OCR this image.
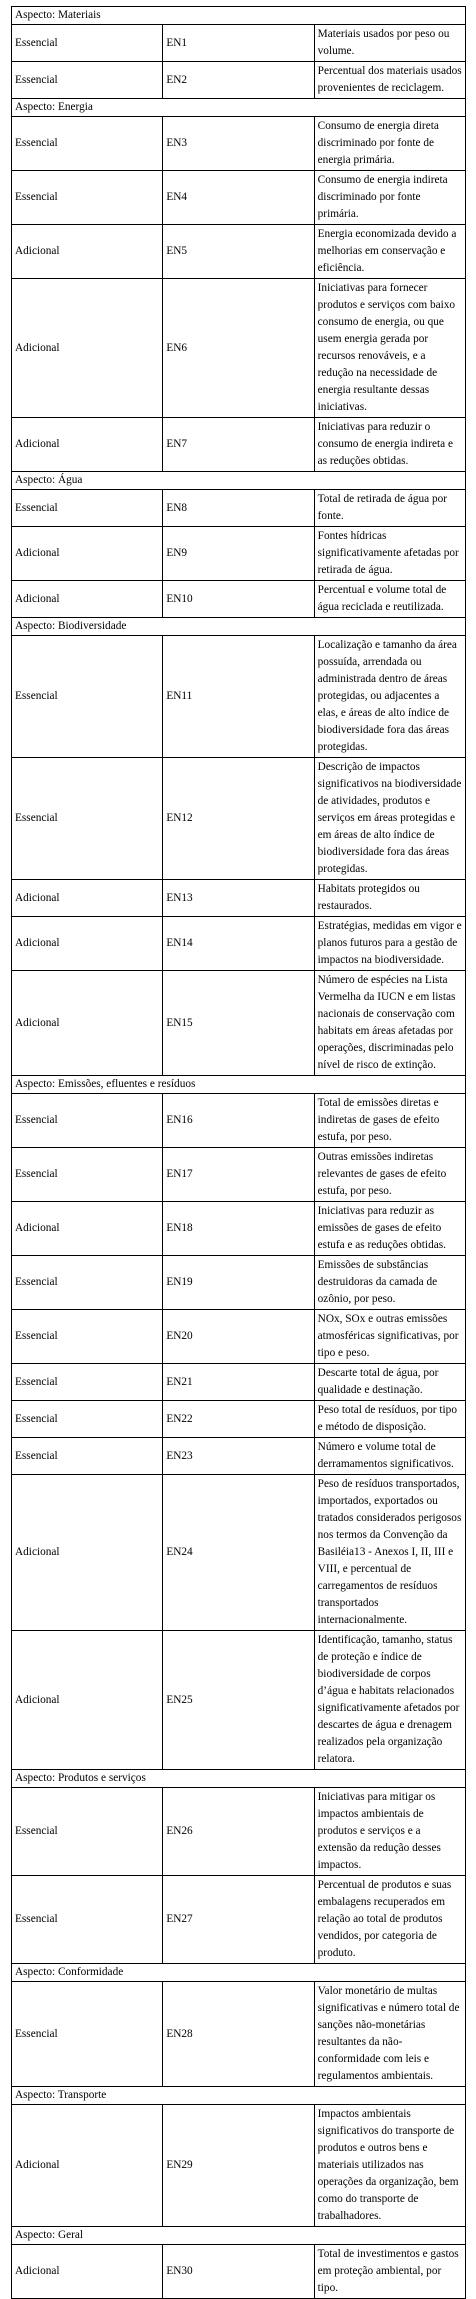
Aspecto: Materiais		
Essencial	EN1	Materiais usados por peso ou volume.
Essencial	EN2	Percentual dos materiais usados provenientes de reciclagem.
Aspecto: Energia		
Essencial	EN3	Consumo de energia direta discriminado por fonte de energia primária.
Essencial	EN4	Consumo de energia indireta discriminado por fonte primária.
Adicional	EN5	Energia economizada devido a melhorias em conservação e eficiência.
Adicional	EN6	Iniciativas para fornecer produtos e serviços com baixo consumo de energia, ou que usem energia gerada por recursos renováveis, e a redução na necessidade de energia resultante dessas iniciativas.
Adicional	EN7	Iniciativas para reduzir o consumo de energia indireta e as reduções obtidas.
Aspecto: Água		
Essencial	EN8	Total de retirada de água por fonte.
Adicional	EN9	Fontes hídricas significativamente afetadas por retirada de água.
Adicional	EN10	Percentual e volume total de água reciclada e reutilizada.
Aspecto: Biodiversidade		
Essencial	EN11	Localização e tamanho da área possuída, arrendada ou administrada dentro de áreas protegidas, ou adjacentes a elas, e áreas de alto índice de biodiversidade fora das áreas protegidas.
Essencial	EN12	Descrição de impactos significativos na biodiversidade de atividades, produtos e serviços em áreas protegidas e em áreas de alto índice de biodiversidade fora das áreas protegidas.
Adicional	EN13	Habitats protegidos ou restaurados.
Adicional	EN14	Estratégias, medidas em vigor e planos futuros para a gestão de impactos na biodiversidade.
Adicional	EN15	Número de espécies na Lista Vermelha da IUCN e em listas nacionais de conservação com habitats em áreas afetadas por operações, discriminadas pelo nível de risco de extinção.
Aspecto: Emissões, efluentes e resíduos		
Essencial	EN16	Total de emissões diretas e indiretas de gases de efeito estufa, por peso.
Essencial	EN17	Outras emissões indiretas relevantes de gases de efeito estufa, por peso.
Adicional	EN18	Iniciativas para reduzir as emissões de gases de efeito estufa e as reduções obtidas.
Essencial	EN19	Emissões de substâncias destruidoras da camada de ozônio, por peso.
Essencial	EN20	NOx, SOx e outras emissões atmosféricas significativas, por tipo e peso.
Essencial	EN21	Descarte total de água, por qualidade e destinação.
Essencial	EN22	Peso total de resíduos, por tipo e método de disposição.
Essencial	EN23	Número e volume total de derramamentos significativos.
Adicional	EN24	Peso de resíduos transportados, importados, exportados ou tratados considerados perigosos nos termos da Convenção da Basiléia13 - Anexos I, II, III e VIII, e percentual de carregamentos de resíduos transportados internacionalmente.
Adicional	EN25	Identificação, tamanho, status de proteção e índice de biodiversidade de corpos d’água e habitats relacionados significativamente afetados por descartes de água e drenagem realizados pela organização relatora.
Aspecto: Produtos e serviços		
Essencial	EN26	Iniciativas para mitigar os impactos ambientais de produtos e serviços e a extensão da redução desses impactos.
Essencial	EN27	Percentual de produtos e suas embalagens recuperados em relação ao total de produtos vendidos, por categoria de produto.
Aspecto: Conformidade		
Essencial	EN28	Valor monetário de multas significativas e número total de sanções não-monetárias resultantes da não-conformidade com leis e regulamentos ambientais.
Aspecto: Transporte		
Adicional	EN29	Impactos ambientais significativos do transporte de produtos e outros bens e materiais utilizados nas operações da organização, bem como do transporte de trabalhadores.
Aspecto: Geral		
Adicional	EN30	Total de investimentos e gastos em proteção ambiental, por tipo.
